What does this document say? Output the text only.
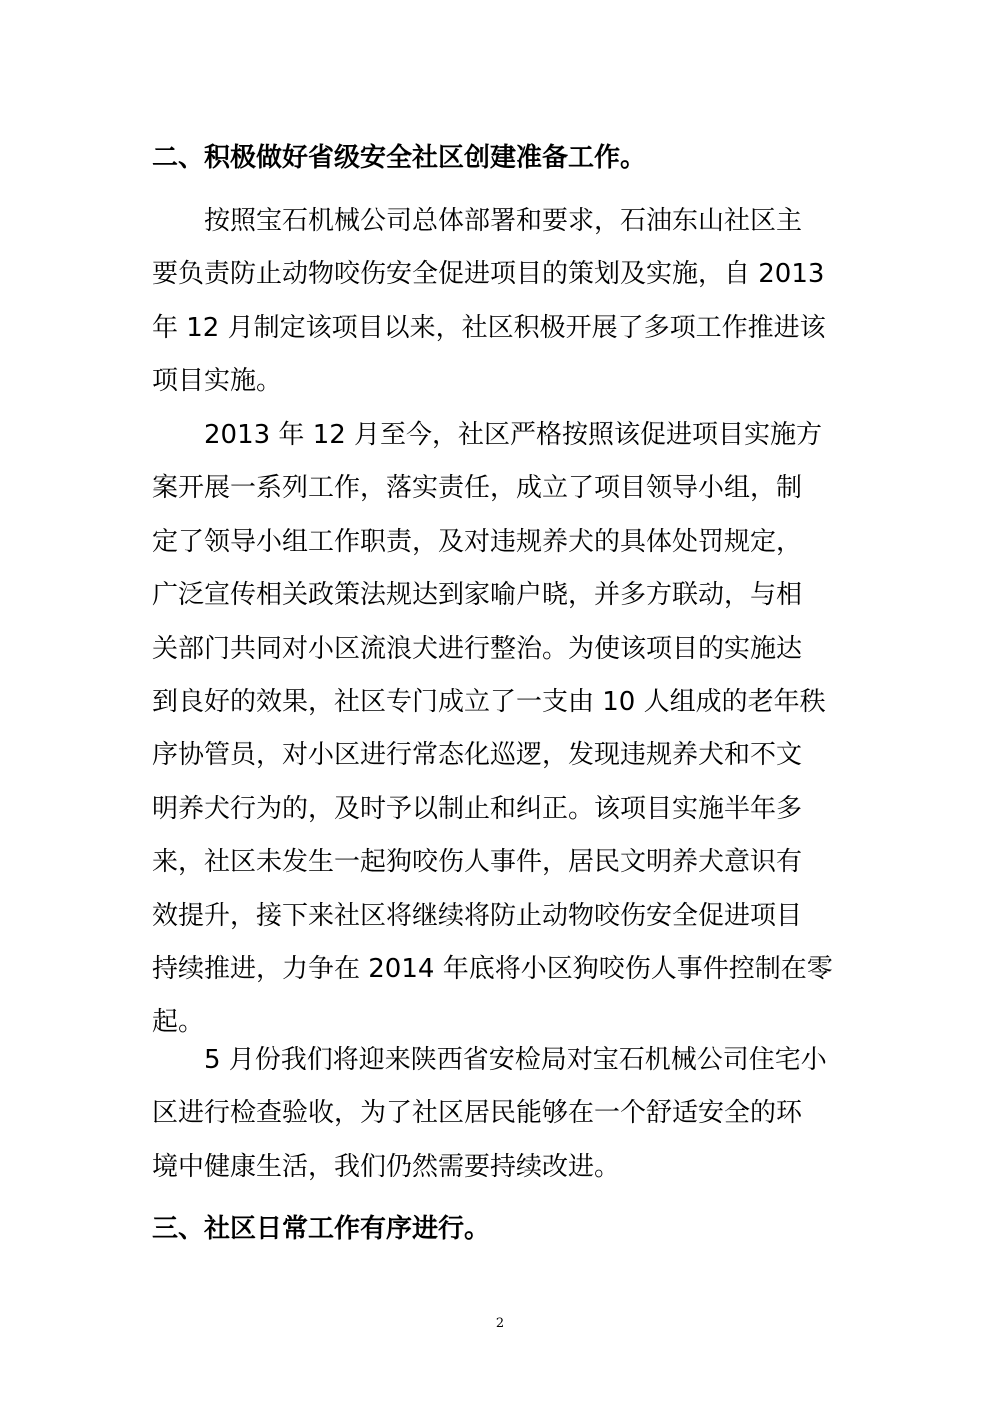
二、积极做好省级安全社区创建准备工作。

按照宝石机械公司总体部署和要求，石油东山社区主
要负责防止动物咬伤安全促进项目的策划及实施，自 2013
年 12 月制定该项目以来，社区积极开展了多项工作推进该
项目实施。

2013 年 12 月至今，社区严格按照该促进项目实施方
案开展一系列工作，落实责任，成立了项目领导小组，制
定了领导小组工作职责，及对违规养犬的具体处罚规定，
广泛宣传相关政策法规达到家喻户晓，并多方联动，与相
关部门共同对小区流浪犬进行整治。为使该项目的实施达
到良好的效果，社区专门成立了一支由 10 人组成的老年秩
序协管员，对小区进行常态化巡逻，发现违规养犬和不文
明养犬行为的，及时予以制止和纠正。该项目实施半年多
来，社区未发生一起狗咬伤人事件，居民文明养犬意识有
效提升，接下来社区将继续将防止动物咬伤安全促进项目
持续推进，力争在 2014 年底将小区狗咬伤人事件控制在零
起。

5 月份我们将迎来陕西省安检局对宝石机械公司住宅小
区进行检查验收，为了社区居民能够在一个舒适安全的环
境中健康生活，我们仍然需要持续改进。

三、社区日常工作有序进行。
2
